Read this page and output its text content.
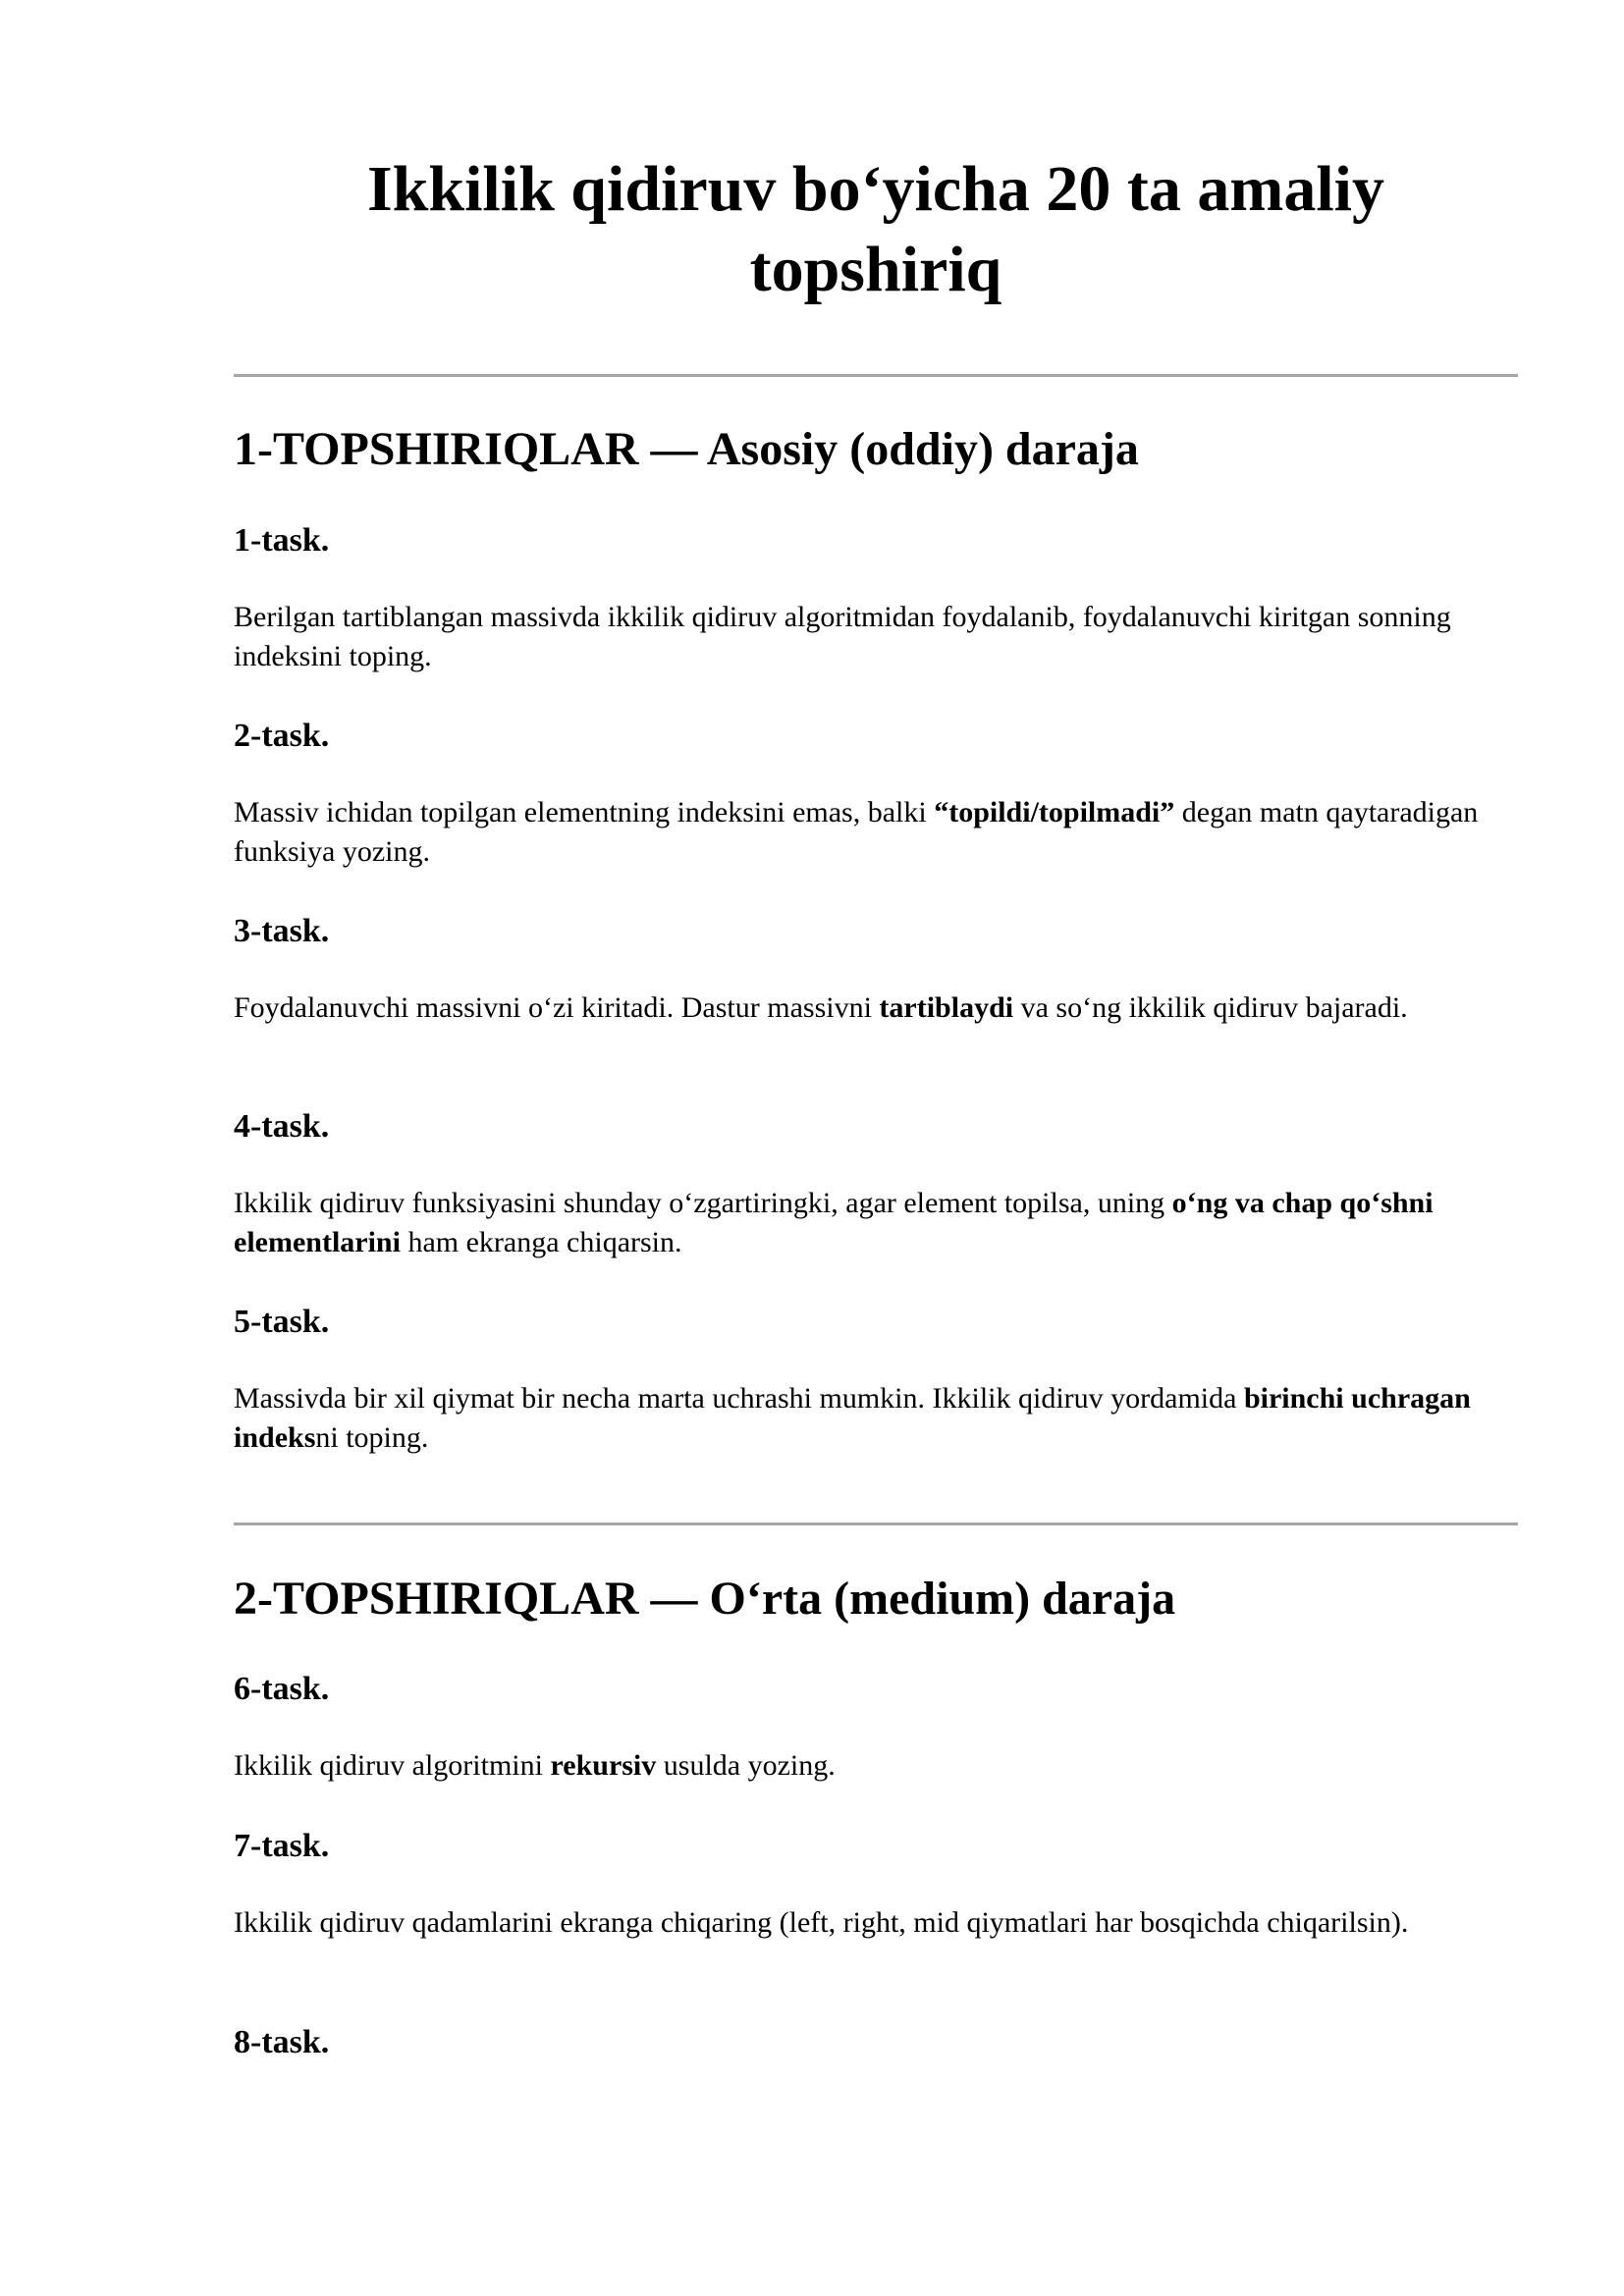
Ikkilik qidiruv bo‘yicha 20 ta amaliy topshiriq
1-TOPSHIRIQLAR — Asosiy (oddiy) daraja
1-task.

Berilgan tartiblangan massivda ikkilik qidiruv algoritmidan foydalanib, foydalanuvchi kiritgan sonning indeksini toping.

2-task.

Massiv ichidan topilgan elementning indeksini emas, balki “topildi/topilmadi” degan matn qaytaradigan funksiya yozing.

3-task.

Foydalanuvchi massivni o‘zi kiritadi. Dastur massivni tartiblaydi va so‘ng ikkilik qidiruv bajaradi.

4-task.

Ikkilik qidiruv funksiyasini shunday o‘zgartiringki, agar element topilsa, uning o‘ng va chap qo‘shni elementlarini ham ekranga chiqarsin.

5-task.

Massivda bir xil qiymat bir necha marta uchrashi mumkin. Ikkilik qidiruv yordamida birinchi uchragan indeksni toping.

2-TOPSHIRIQLAR — O‘rta (medium) daraja
6-task.

Ikkilik qidiruv algoritmini rekursiv usulda yozing.

7-task.

Ikkilik qidiruv qadamlarini ekranga chiqaring (left, right, mid qiymatlari har bosqichda chiqarilsin).

8-task.
